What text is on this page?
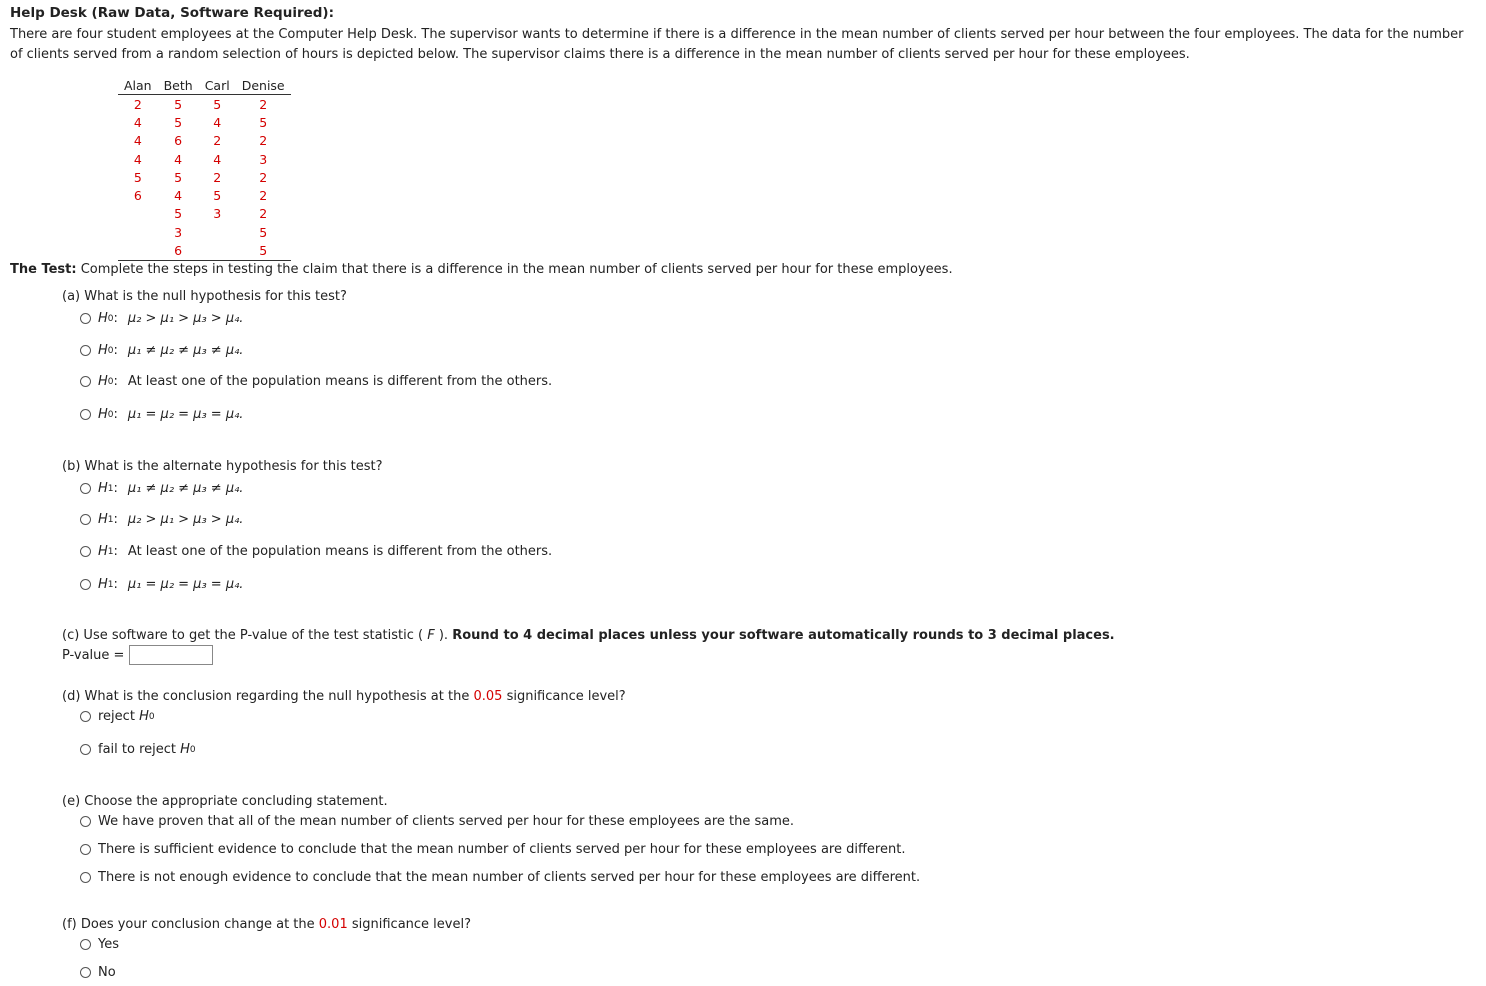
Help Desk (Raw Data, Software Required):
There are four student employees at the Computer Help Desk. The supervisor wants to determine if there is a difference in the mean number of clients served per hour between the four employees. The data for the number of clients served from a random selection of hours is depicted below. The supervisor claims there is a difference in the mean number of clients served per hour for these employees.
Alan	Beth	Carl	Denise
2	5	5	2
4	5	4	5
4	6	2	2
4	4	4	3
5	5	2	2
6	4	5	2
	5	3	2
	3		5
	6		5
The Test: Complete the steps in testing the claim that there is a difference in the mean number of clients served per hour for these employees.
(a) What is the null hypothesis for this test?
H 0 : μ₂ > μ₁ > μ₃ > μ₄.
H 0 : μ₁ ≠ μ₂ ≠ μ₃ ≠ μ₄.
H 0 : At least one of the population means is different from the others.
H 0 : μ₁ = μ₂ = μ₃ = μ₄.
(b) What is the alternate hypothesis for this test?
H 1 : μ₁ ≠ μ₂ ≠ μ₃ ≠ μ₄.
H 1 : μ₂ > μ₁ > μ₃ > μ₄.
H 1 : At least one of the population means is different from the others.
H 1 : μ₁ = μ₂ = μ₃ = μ₄.
(c) Use software to get the P-value of the test statistic ( F ). Round to 4 decimal places unless your software automatically rounds to 3 decimal places.
P-value =
(d) What is the conclusion regarding the null hypothesis at the 0.05 significance level?
reject
H 0
fail to reject
H 0
(e) Choose the appropriate concluding statement.
We have proven that all of the mean number of clients served per hour for these employees are the same.
There is sufficient evidence to conclude that the mean number of clients served per hour for these employees are different.
There is not enough evidence to conclude that the mean number of clients served per hour for these employees are different.
(f) Does your conclusion change at the 0.01 significance level?
Yes
No
